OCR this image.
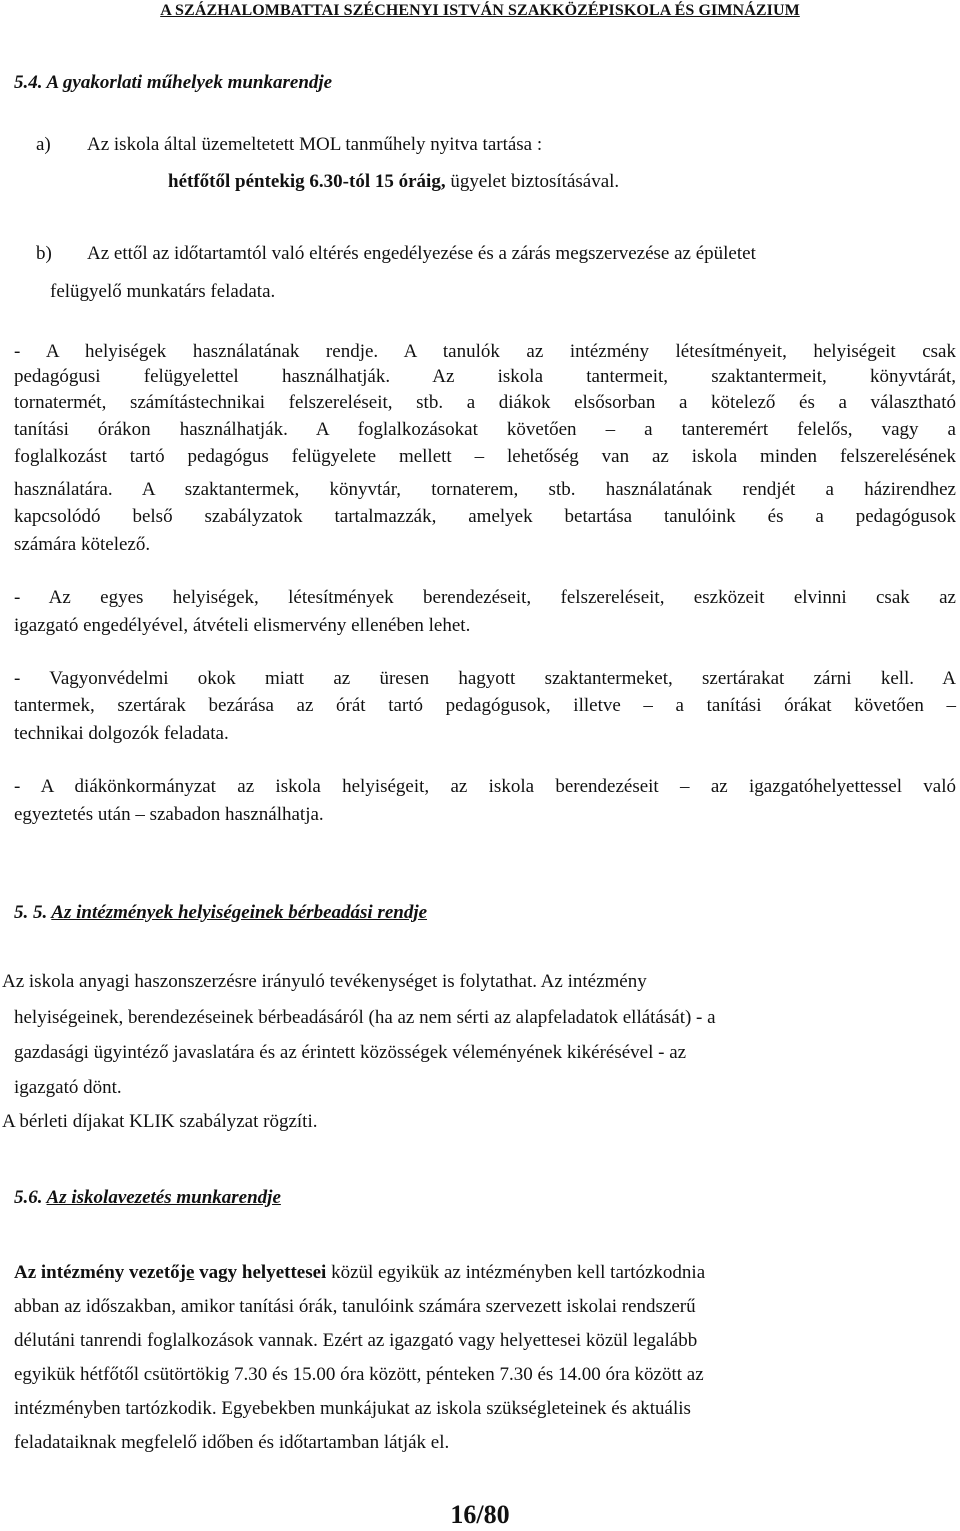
A SZÁZHALOMBATTAI SZÉCHENYI ISTVÁN SZAKKÖZÉPISKOLA ÉS GIMNÁZIUM
5.4. A gyakorlati műhelyek munkarendje
a) Az iskola által üzemeltetett MOL tanműhely nyitva tartása :
hétfőtől péntekig 6.30-tól 15 óráig, ügyelet biztosításával.
b) Az ettől az időtartamtól való eltérés engedélyezése és a zárás megszervezése az épületet
felügyelő munkatárs feladata.
- A helyiségek használatának rendje. A tanulók az intézmény létesítményeit, helyiségeit csak
pedagógusi felügyelettel használhatják. Az iskola tantermeit, szaktantermeit, könyvtárát,
tornatermét, számítástechnikai felszereléseit, stb. a diákok elsősorban a kötelező és a választható
tanítási órákon használhatják. A foglalkozásokat követően – a tanteremért felelős, vagy a
foglalkozást tartó pedagógus felügyelete mellett – lehetőség van az iskola minden felszerelésének
használatára. A szaktantermek, könyvtár, tornaterem, stb. használatának rendjét a házirendhez
kapcsolódó belső szabályzatok tartalmazzák, amelyek betartása tanulóink és a pedagógusok
számára kötelező.
- Az egyes helyiségek, létesítmények berendezéseit, felszereléseit, eszközeit elvinni csak az
igazgató engedélyével, átvételi elismervény ellenében lehet.
- Vagyonvédelmi okok miatt az üresen hagyott szaktantermeket, szertárakat zárni kell. A
tantermek, szertárak bezárása az órát tartó pedagógusok, illetve – a tanítási órákat követően –
technikai dolgozók feladata.
- A diákönkormányzat az iskola helyiségeit, az iskola berendezéseit – az igazgatóhelyettessel való
egyeztetés után – szabadon használhatja.
5. 5. Az intézmények helyiségeinek bérbeadási rendje
Az iskola anyagi haszonszerzésre irányuló tevékenységet is folytathat. Az intézmény
helyiségeinek, berendezéseinek bérbeadásáról (ha az nem sérti az alapfeladatok ellátását) - a
gazdasági ügyintéző javaslatára és az érintett közösségek véleményének kikérésével - az
igazgató dönt.
A bérleti díjakat KLIK szabályzat rögzíti.
5.6. Az iskolavezetés munkarendje
Az intézmény vezetője vagy helyettesei közül egyikük az intézményben kell tartózkodnia
abban az időszakban, amikor tanítási órák, tanulóink számára szervezett iskolai rendszerű
délutáni tanrendi foglalkozások vannak. Ezért az igazgató vagy helyettesei közül legalább
egyikük hétfőtől csütörtökig 7.30 és 15.00 óra között, pénteken 7.30 és 14.00 óra között az
intézményben tartózkodik. Egyebekben munkájukat az iskola szükségleteinek és aktuális
feladataiknak megfelelő időben és időtartamban látják el.
16/80
